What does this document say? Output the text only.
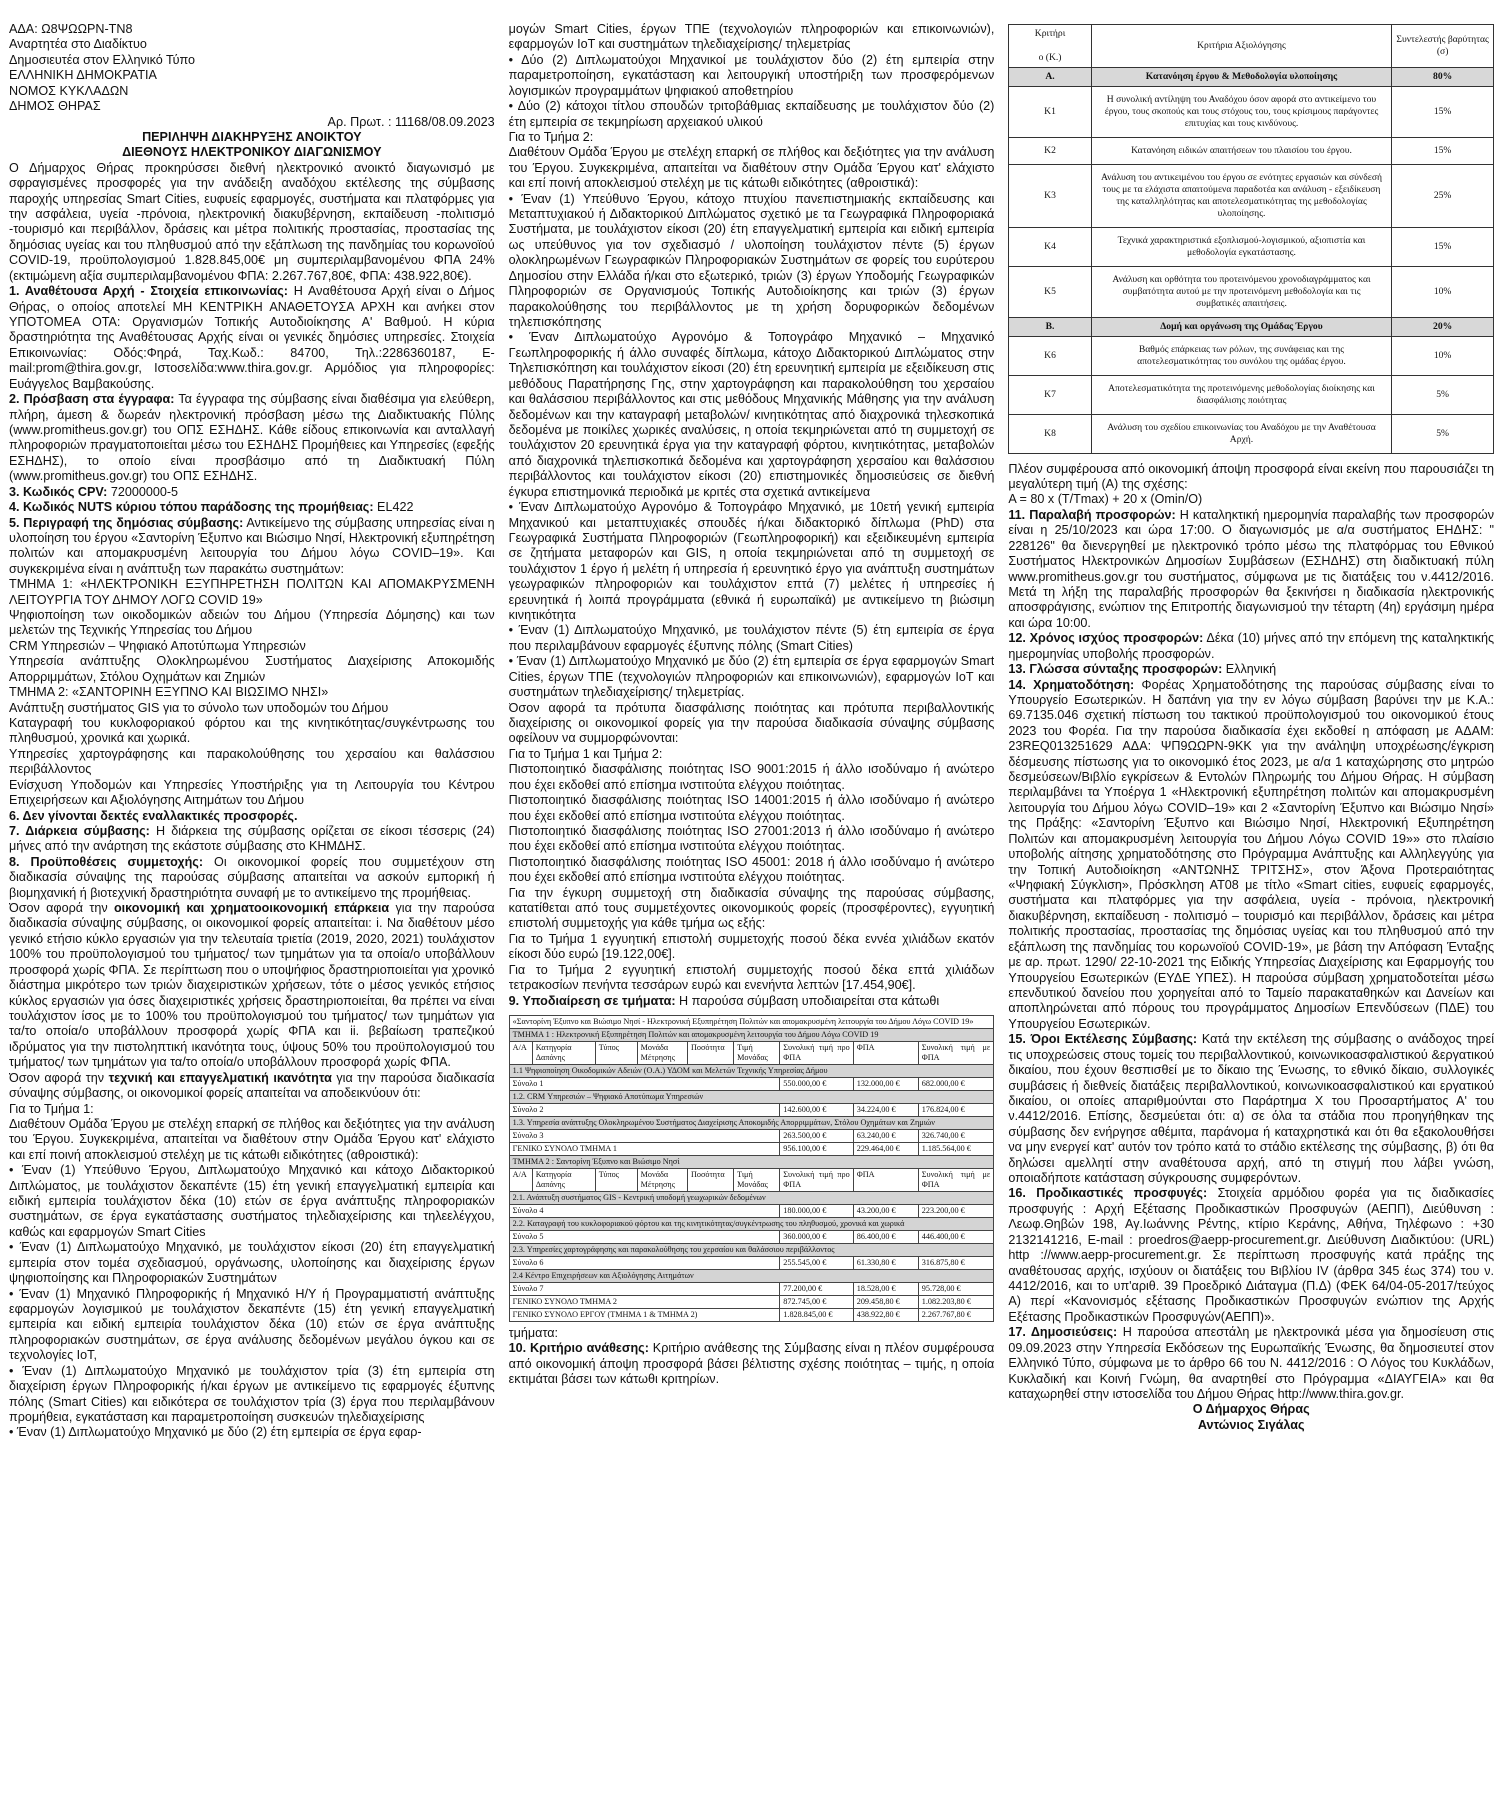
ΑΔΑ: Ω8ΨΩΩΡΝ-ΤΝ8

Αναρτητέα στο Διαδίκτυο

Δημοσιευτέα στον Ελληνικό Τύπο

ΕΛΛΗΝΙΚΗ ΔΗΜΟΚΡΑΤΙΑ

ΝΟΜΟΣ ΚΥΚΛΑΔΩΝ

ΔΗΜΟΣ ΘΗΡΑΣ

Αρ. Πρωτ. : 11168/08.09.2023

ΠΕΡΙΛΗΨΗ ΔΙΑΚΗΡΥΞΗΣ ΑΝΟΙΚΤΟΥ

ΔΙΕΘΝΟΥΣ ΗΛΕΚΤΡΟΝΙΚΟΥ ΔΙΑΓΩΝΙΣΜΟΥ

Ο Δήμαρχος Θήρας προκηρύσσει διεθνή ηλεκτρονικό ανοικτό διαγωνισμό με σφραγισμένες προσφορές για την ανάδειξη αναδόχου εκτέλεσης της σύμβασης παροχής υπηρεσίας Smart Cities, ευφυείς εφαρμογές, συστήματα και πλατφόρμες για την ασφάλεια, υγεία -πρόνοια, ηλεκτρονική διακυβέρνηση, εκπαίδευση -πολιτισμό -τουρισμό και περιβάλλον, δράσεις και μέτρα πολιτικής προστασίας, προστασίας της δημόσιας υγείας και του πληθυσμού από την εξάπλωση της πανδημίας του κορωνοϊού COVID-19, προϋπολογισμού 1.828.845,00€ μη συμπεριλαμβανομένου ΦΠΑ 24% (εκτιμώμενη αξία συμπεριλαμβανομένου ΦΠΑ: 2.267.767,80€, ΦΠΑ: 438.922,80€).

1. Αναθέτουσα Αρχή - Στοιχεία επικοινωνίας: Η Αναθέτουσα Αρχή είναι ο Δήμος Θήρας, ο οποίος αποτελεί ΜΗ ΚΕΝΤΡΙΚΗ ΑΝΑΘΕΤΟΥΣΑ ΑΡΧΗ και ανήκει στον ΥΠΟΤΟΜΕΑ ΟΤΑ: Οργανισμών Τοπικής Αυτοδιοίκησης Α' Βαθμού. Η κύρια δραστηριότητα της Αναθέτουσας Αρχής είναι οι γενικές δημόσιες υπηρεσίες. Στοιχεία Επικοινωνίας: Οδός:Φηρά, Ταχ.Κωδ.: 84700, Τηλ.:2286360187, E-mail:prom@thira.gov.gr, Ιστοσελίδα:www.thira.gov.gr. Αρμόδιος για πληροφορίες: Ευάγγελος Βαμβακούσης.

2. Πρόσβαση στα έγγραφα: Τα έγγραφα της σύμβασης είναι διαθέσιμα για ελεύθερη, πλήρη, άμεση & δωρεάν ηλεκτρονική πρόσβαση μέσω της Διαδικτυακής Πύλης (www.promitheus.gov.gr) του ΟΠΣ ΕΣΗΔΗΣ. Κάθε είδους επικοινωνία και ανταλλαγή πληροφοριών πραγματοποιείται μέσω του ΕΣΗΔΗΣ Προμήθειες και Υπηρεσίες (εφεξής ΕΣΗΔΗΣ), το οποίο είναι προσβάσιμο από τη Διαδικτυακή Πύλη (www.promitheus.gov.gr) του ΟΠΣ ΕΣΗΔΗΣ.

3. Κωδικός CPV: 72000000-5

4. Κωδικός NUTS κύριου τόπου παράδοσης της προμήθειας: EL422

5. Περιγραφή της δημόσιας σύμβασης: Αντικείμενο της σύμβασης υπηρεσίας είναι η υλοποίηση του έργου «Σαντορίνη Έξυπνο και Βιώσιμο Νησί, Ηλεκτρονική εξυπηρέτηση πολιτών και απομακρυσμένη λειτουργία του Δήμου λόγω COVID–19». Και συγκεκριμένα είναι η ανάπτυξη των παρακάτω συστημάτων:

ΤΜΗΜΑ 1: «ΗΛΕΚΤΡΟΝΙΚΗ ΕΞΥΠΗΡΕΤΗΣΗ ΠΟΛΙΤΩΝ ΚΑΙ ΑΠΟΜΑΚΡΥΣΜΕΝΗ ΛΕΙΤΟΥΡΓΙΑ ΤΟΥ ΔΗΜΟΥ ΛΟΓΩ COVID 19»

Ψηφιοποίηση των οικοδομικών αδειών του Δήμου (Υπηρεσία Δόμησης) και των μελετών της Τεχνικής Υπηρεσίας του Δήμου

CRM Υπηρεσιών – Ψηφιακό Αποτύπωμα Υπηρεσιών

Υπηρεσία ανάπτυξης Ολοκληρωμένου Συστήματος Διαχείρισης Αποκομιδής Απορριμμάτων, Στόλου Οχημάτων και Ζημιών

ΤΜΗΜΑ 2: «ΣΑΝΤΟΡΙΝΗ ΕΞΥΠΝΟ ΚΑΙ ΒΙΩΣΙΜΟ ΝΗΣΙ»

Ανάπτυξη συστήματος GIS για το σύνολο των υποδομών του Δήμου

Καταγραφή του κυκλοφοριακού φόρτου και της κινητικότητας/συγκέντρωσης του πληθυσμού, χρονικά και χωρικά.

Υπηρεσίες χαρτογράφησης και παρακολούθησης του χερσαίου και θαλάσσιου περιβάλλοντος

Ενίσχυση Υποδομών και Υπηρεσίες Υποστήριξης για τη Λειτουργία του Κέντρου Επιχειρήσεων και Αξιολόγησης Αιτημάτων του Δήμου

6. Δεν γίνονται δεκτές εναλλακτικές προσφορές.

7. Διάρκεια σύμβασης: Η διάρκεια της σύμβασης ορίζεται σε είκοσι τέσσερις (24) μήνες από την ανάρτηση της εκάστοτε σύμβασης στο ΚΗΜΔΗΣ.

8. Προϋποθέσεις συμμετοχής: Οι οικονομικοί φορείς που συμμετέχουν στη διαδικασία σύναψης της παρούσας σύμβασης απαιτείται να ασκούν εμπορική ή βιομηχανική ή βιοτεχνική δραστηριότητα συναφή με το αντικείμενο της προμήθειας.

Όσον αφορά την οικονομική και χρηματοοικονομική επάρκεια για την παρούσα διαδικασία σύναψης σύμβασης, οι οικονομικοί φορείς απαιτείται: i. Να διαθέτουν μέσο γενικό ετήσιο κύκλο εργασιών για την τελευταία τριετία (2019, 2020, 2021) τουλάχιστον 100% του προϋπολογισμού του τμήματος/ των τμημάτων για τα οποία/ο υποβάλλουν προσφορά χωρίς ΦΠΑ. Σε περίπτωση που ο υποψήφιος δραστηριοποιείται για χρονικό διάστημα μικρότερο των τριών διαχειριστικών χρήσεων, τότε ο μέσος γενικός ετήσιος κύκλος εργασιών για όσες διαχειριστικές χρήσεις δραστηριοποιείται, θα πρέπει να είναι τουλάχιστον ίσος με το 100% του προϋπολογισμού του τμήματος/ των τμημάτων για τα/το οποία/ο υποβάλλουν προσφορά χωρίς ΦΠΑ και ii. βεβαίωση τραπεζικού ιδρύματος για την πιστοληπτική ικανότητα τους, ύψους 50% του προϋπολογισμού του τμήματος/ των τμημάτων για τα/το οποία/ο υποβάλλουν προσφορά χωρίς ΦΠΑ.

Όσον αφορά την τεχνική και επαγγελματική ικανότητα για την παρούσα διαδικασία σύναψης σύμβασης, οι οικονομικοί φορείς απαιτείται να αποδεικνύουν ότι:

Για το Τμήμα 1:

Διαθέτουν Ομάδα Έργου με στελέχη επαρκή σε πλήθος και δεξιότητες για την ανάλυση του Έργου. Συγκεκριμένα, απαιτείται να διαθέτουν στην Ομάδα Έργου κατ' ελάχιστο και επί ποινή αποκλεισμού στελέχη με τις κάτωθι ειδικότητες (αθροιστικά):

• Έναν (1) Υπεύθυνο Έργου, Διπλωματούχο Μηχανικό και κάτοχο Διδακτορικού Διπλώματος, με τουλάχιστον δεκαπέντε (15) έτη γενική επαγγελματική εμπειρία και ειδική εμπειρία τουλάχιστον δέκα (10) ετών σε έργα ανάπτυξης πληροφοριακών συστημάτων, σε έργα εγκατάστασης συστήματος τηλεδιαχείρισης και τηλεελέγχου, καθώς και εφαρμογών Smart Cities

• Έναν (1) Διπλωματούχο Μηχανικό, με τουλάχιστον είκοσι (20) έτη επαγγελματική εμπειρία στον τομέα σχεδιασμού, οργάνωσης, υλοποίησης και διαχείρισης έργων ψηφιοποίησης και Πληροφοριακών Συστημάτων

• Έναν (1) Μηχανικό Πληροφορικής ή Μηχανικό Η/Υ ή Προγραμματιστή ανάπτυξης εφαρμογών λογισμικού με τουλάχιστον δεκαπέντε (15) έτη γενική επαγγελματική εμπειρία και ειδική εμπειρία τουλάχιστον δέκα (10) ετών σε έργα ανάπτυξης πληροφοριακών συστημάτων, σε έργα ανάλυσης δεδομένων μεγάλου όγκου και σε τεχνολογίες IoT,

• Έναν (1) Διπλωματούχο Μηχανικό με τουλάχιστον τρία (3) έτη εμπειρία στη διαχείριση έργων Πληροφορικής ή/και έργων με αντικείμενο τις εφαρμογές έξυπνης πόλης (Smart Cities) και ειδικότερα σε τουλάχιστον τρία (3) έργα που περιλαμβάνουν προμήθεια, εγκατάσταση και παραμετροποίηση συσκευών τηλεδιαχείρισης

• Έναν (1) Διπλωματούχο Μηχανικό με δύο (2) έτη εμπειρία σε έργα εφαρ-

μογών Smart Cities, έργων ΤΠΕ (τεχνολογιών πληροφοριών και επικοινωνιών), εφαρμογών IoT και συστημάτων τηλεδιαχείρισης/ τηλεμετρίας

• Δύο (2) Διπλωματούχοι Μηχανικοί με τουλάχιστον δύο (2) έτη εμπειρία στην παραμετροποίηση, εγκατάσταση και λειτουργική υποστήριξη των προσφερόμενων λογισμικών προγραμμάτων ψηφιακού αποθετηρίου

• Δύο (2) κάτοχοι τίτλου σπουδών τριτοβάθμιας εκπαίδευσης με τουλάχιστον δύο (2) έτη εμπειρία σε τεκμηρίωση αρχειακού υλικού

Για το Τμήμα 2:

Διαθέτουν Ομάδα Έργου με στελέχη επαρκή σε πλήθος και δεξιότητες για την ανάλυση του Έργου. Συγκεκριμένα, απαιτείται να διαθέτουν στην Ομάδα Έργου κατ' ελάχιστο και επί ποινή αποκλεισμού στελέχη με τις κάτωθι ειδικότητες (αθροιστικά):

• Έναν (1) Υπεύθυνο Έργου, κάτοχο πτυχίου πανεπιστημιακής εκπαίδευσης και Μεταπτυχιακού ή Διδακτορικού Διπλώματος σχετικό με τα Γεωγραφικά Πληροφοριακά Συστήματα, με τουλάχιστον είκοσι (20) έτη επαγγελματική εμπειρία και ειδική εμπειρία ως υπεύθυνος για τον σχεδιασμό / υλοποίηση τουλάχιστον πέντε (5) έργων ολοκληρωμένων Γεωγραφικών Πληροφοριακών Συστημάτων σε φορείς του ευρύτερου Δημοσίου στην Ελλάδα ή/και στο εξωτερικό, τριών (3) έργων Υποδομής Γεωγραφικών Πληροφοριών σε Οργανισμούς Τοπικής Αυτοδιοίκησης και τριών (3) έργων παρακολούθησης του περιβάλλοντος με τη χρήση δορυφορικών δεδομένων τηλεπισκόπησης

• Έναν Διπλωματούχο Αγρονόμο & Τοπογράφο Μηχανικό – Μηχανικό Γεωπληροφορικής ή άλλο συναφές δίπλωμα, κάτοχο Διδακτορικού Διπλώματος στην Τηλεπισκόπηση και τουλάχιστον είκοσι (20) έτη ερευνητική εμπειρία με εξειδίκευση στις μεθόδους Παρατήρησης Γης, στην χαρτογράφηση και παρακολούθηση του χερσαίου και θαλάσσιου περιβάλλοντος και στις μεθόδους Μηχανικής Μάθησης για την ανάλυση δεδομένων και την καταγραφή μεταβολών/ κινητικότητας από διαχρονικά τηλεσκοπικά δεδομένα με ποικίλες χωρικές αναλύσεις, η οποία τεκμηριώνεται από τη συμμετοχή σε τουλάχιστον 20 ερευνητικά έργα για την καταγραφή φόρτου, κινητικότητας, μεταβολών από διαχρονικά τηλεπισκοπικά δεδομένα και χαρτογράφηση χερσαίου και θαλάσσιου περιβάλλοντος και τουλάχιστον είκοσι (20) επιστημονικές δημοσιεύσεις σε διεθνή έγκυρα επιστημονικά περιοδικά με κριτές στα σχετικά αντικείμενα

• Έναν Διπλωματούχο Αγρονόμο & Τοπογράφο Μηχανικό, με 10ετή γενική εμπειρία Μηχανικού και μεταπτυχιακές σπουδές ή/και διδακτορικό δίπλωμα (PhD) στα Γεωγραφικά Συστήματα Πληροφοριών (Γεωπληροφορική) και εξειδικευμένη εμπειρία σε ζητήματα μεταφορών και GIS, η οποία τεκμηριώνεται από τη συμμετοχή σε τουλάχιστον 1 έργο ή μελέτη ή υπηρεσία ή ερευνητικό έργο για ανάπτυξη συστημάτων γεωγραφικών πληροφοριών και τουλάχιστον επτά (7) μελέτες ή υπηρεσίες ή ερευνητικά ή λοιπά προγράμματα (εθνικά ή ευρωπαϊκά) με αντικείμενο τη βιώσιμη κινητικότητα

• Έναν (1) Διπλωματούχο Μηχανικό, με τουλάχιστον πέντε (5) έτη εμπειρία σε έργα που περιλαμβάνουν εφαρμογές έξυπνης πόλης (Smart Cities)

• Έναν (1) Διπλωματούχο Μηχανικό με δύο (2) έτη εμπειρία σε έργα εφαρμογών Smart Cities, έργων ΤΠΕ (τεχνολογιών πληροφοριών και επικοινωνιών), εφαρμογών IoT και συστημάτων τηλεδιαχείρισης/ τηλεμετρίας.

Όσον αφορά τα πρότυπα διασφάλισης ποιότητας και πρότυπα περιβαλλοντικής διαχείρισης οι οικονομικοί φορείς για την παρούσα διαδικασία σύναψης σύμβασης οφείλουν να συμμορφώνονται:

Για το Τμήμα 1 και Τμήμα 2:

Πιστοποιητικό διασφάλισης ποιότητας ISO 9001:2015 ή άλλο ισοδύναμο ή ανώτερο που έχει εκδοθεί από επίσημα ινστιτούτα ελέγχου ποιότητας.

Πιστοποιητικό διασφάλισης ποιότητας ISO 14001:2015 ή άλλο ισοδύναμο ή ανώτερο που έχει εκδοθεί από επίσημα ινστιτούτα ελέγχου ποιότητας.

Πιστοποιητικό διασφάλισης ποιότητας ISO 27001:2013 ή άλλο ισοδύναμο ή ανώτερο που έχει εκδοθεί από επίσημα ινστιτούτα ελέγχου ποιότητας.

Πιστοποιητικό διασφάλισης ποιότητας ISO 45001: 2018 ή άλλο ισοδύναμο ή ανώτερο που έχει εκδοθεί από επίσημα ινστιτούτα ελέγχου ποιότητας.

Για την έγκυρη συμμετοχή στη διαδικασία σύναψης της παρούσας σύμβασης, κατατίθεται από τους συμμετέχοντες οικονομικούς φορείς (προσφέροντες), εγγυητική επιστολή συμμετοχής για κάθε τμήμα ως εξής:

Για το Τμήμα 1 εγγυητική επιστολή συμμετοχής ποσού δέκα εννέα χιλιάδων εκατόν είκοσι δύο ευρώ [19.122,00€].

Για το Τμήμα 2 εγγυητική επιστολή συμμετοχής ποσού δέκα επτά χιλιάδων τετρακοσίων πενήντα τεσσάρων ευρώ και ενενήντα λεπτών [17.454,90€].

9. Υποδιαίρεση σε τμήματα: Η παρούσα σύμβαση υποδιαιρείται στα κάτωθι

«Σαντορίνη Έξυπνο και Βιώσιμο Νησί - Ηλεκτρονική Εξυπηρέτηση Πολιτών και απομακρυσμένη λειτουργία του Δήμου Λόγω COVID 19»								
ΤΜΗΜΑ 1 : Ηλεκτρονική Εξυπηρέτηση Πολιτών και απομακρυσμένη λειτουργία του Δήμου Λόγω COVID 19								
Α/Α	Κατηγορία Δαπάνης	Τύπος	Μονάδα Μέτρησης	Ποσότητα	Τιμή Μονάδας	Συνολική τιμή προ ΦΠΑ	ΦΠΑ	Συνολική τιμή με ΦΠΑ
1.1 Ψηφιοποίηση Οικοδομικών Αδειών (Ο.Α.) ΥΔΟΜ και Μελετών Τεχνικής Υπηρεσίας Δήμου								
Σύνολο 1						550.000,00 €	132.000,00 €	682.000,00 €
1.2. CRM Υπηρεσιών – Ψηφιακό Αποτύπωμα Υπηρεσιών								
Σύνολο 2						142.600,00 €	34.224,00 €	176.824,00 €
1.3. Υπηρεσία ανάπτυξης Ολοκληρωμένου Συστήματος Διαχείρισης Αποκομιδής Απορριμμάτων, Στόλου Οχημάτων και Ζημιών								
Σύνολο 3						263.500,00 €	63.240,00 €	326.740,00 €
ΓΕΝΙΚΟ ΣΥΝΟΛΟ ΤΜΗΜΑ 1						956.100,00 €	229.464,00 €	1.185.564,00 €
ΤΜΗΜΑ 2 : Σαντορίνη Έξυπνο και Βιώσιμο Νησί								
Α/Α	Κατηγορία Δαπάνης	Τύπος	Μονάδα Μέτρησης	Ποσότητα	Τιμή Μονάδας	Συνολική τιμή προ ΦΠΑ	ΦΠΑ	Συνολική τιμή με ΦΠΑ
2.1. Ανάπτυξη συστήματος GIS - Κεντρική υποδομή γεωχωρικών δεδομένων								
Σύνολο 4						180.000,00 €	43.200,00 €	223.200,00 €
2.2. Καταγραφή του κυκλοφοριακού φόρτου και της κινητικότητας/συγκέντρωσης του πληθυσμού, χρονικά και χωρικά								
Σύνολο 5						360.000,00 €	86.400,00 €	446.400,00 €
2.3. Υπηρεσίες χαρτογράφησης και παρακολούθησης του χερσαίου και θαλάσσιου περιβάλλοντος								
Σύνολο 6						255.545,00 €	61.330,80 €	316.875,80 €
2.4 Κέντρο Επιχειρήσεων και Αξιολόγησης Αιτημάτων								
Σύνολο 7						77.200,00 €	18.528,00 €	95.728,00 €
ΓΕΝΙΚΟ ΣΥΝΟΛΟ ΤΜΗΜΑ 2						872.745,00 €	209.458,80 €	1.082.203,80 €
ΓΕΝΙΚΟ ΣΥΝΟΛΟ ΕΡΓΟΥ (ΤΜΗΜΑ 1 & ΤΜΗΜΑ 2)						1.828.845,00 €	438.922,80 €	2.267.767,80 €

τμήματα:

10. Κριτήριο ανάθεσης: Κριτήριο ανάθεσης της Σύμβασης είναι η πλέον συμφέρουσα από οικονομική άποψη προσφορά βάσει βέλτιστης σχέσης ποιότητας – τιμής, η οποία εκτιμάται βάσει των κάτωθι κριτηρίων.

Κριτήρι

ο (Κ.)	Κριτήρια Αξιολόγησης	Συντελεστής βαρύτητας (σ)
Α.	Κατανόηση έργου & Μεθοδολογία υλοποίησης	80%
Κ1	Η συνολική αντίληψη του Αναδόχου όσον αφορά στο αντικείμενο του έργου, τους σκοπούς και τους στόχους του, τους κρίσιμους παράγοντες επιτυχίας και τους κινδύνους.	15%
Κ2	Κατανόηση ειδικών απαιτήσεων του πλαισίου του έργου.	15%
Κ3	Ανάλυση του αντικειμένου του έργου σε ενότητες εργασιών και σύνδεσή τους με τα ελάχιστα απαιτούμενα παραδοτέα και ανάλυση - εξειδίκευση της καταλληλότητας και αποτελεσματικότητας της μεθοδολογίας υλοποίησης.	25%
Κ4	Τεχνικά χαρακτηριστικά εξοπλισμού-λογισμικού, αξιοπιστία και μεθοδολογία εγκατάστασης.	15%
Κ5	Ανάλυση και ορθότητα του προτεινόμενου χρονοδιαγράμματος και συμβατότητα αυτού με την προτεινόμενη μεθοδολογία και τις συμβατικές απαιτήσεις.	10%
Β.	Δομή και οργάνωση της Ομάδας Έργου	20%
Κ6	Βαθμός επάρκειας των ρόλων, της συνάφειας και της αποτελεσματικότητας του συνόλου της ομάδας έργου.	10%
Κ7	Αποτελεσματικότητα της προτεινόμενης μεθοδολογίας διοίκησης και διασφάλισης ποιότητας	5%
Κ8	Ανάλυση του σχεδίου επικοινωνίας του Αναδόχου με την Αναθέτουσα Αρχή.	5%

Πλέον συμφέρουσα από οικονομική άποψη προσφορά είναι εκείνη που παρουσιάζει τη μεγαλύτερη τιμή (Α) της σχέσης:

A = 80 x (T/Tmax) + 20 x (Omin/O)

11. Παραλαβή προσφορών: Η καταληκτική ημερομηνία παραλαβής των προσφορών είναι η 25/10/2023 και ώρα 17:00. Ο διαγωνισμός με α/α συστήματος ΕΗΔΗΣ: " 228126" θα διενεργηθεί με ηλεκτρονικό τρόπο μέσω της πλατφόρμας του Εθνικού Συστήματος Ηλεκτρονικών Δημοσίων Συμβάσεων (ΕΣΗΔΗΣ) στη διαδικτυακή πύλη www.promitheus.gov.gr του συστήματος, σύμφωνα με τις διατάξεις του ν.4412/2016. Μετά τη λήξη της παραλαβής προσφορών θα ξεκινήσει η διαδικασία ηλεκτρονικής αποσφράγισης, ενώπιον της Επιτροπής διαγωνισμού την τέταρτη (4η) εργάσιμη ημέρα και ώρα 10:00.

12. Χρόνος ισχύος προσφορών: Δέκα (10) μήνες από την επόμενη της καταληκτικής ημερομηνίας υποβολής προσφορών.

13. Γλώσσα σύνταξης προσφορών: Ελληνική

14. Χρηματοδότηση: Φορέας Χρηματοδότησης της παρούσας σύμβασης είναι το Υπουργείο Εσωτερικών. Η δαπάνη για την εν λόγω σύμβαση βαρύνει την με Κ.Α.: 69.7135.046 σχετική πίστωση του τακτικού προϋπολογισμού του οικονομικού έτους 2023 του Φορέα. Για την παρούσα διαδικασία έχει εκδοθεί η απόφαση με ΑΔΑΜ: 23REQ013251629 ΑΔΑ: ΨΠ9ΩΩΡΝ-9ΚΚ για την ανάληψη υποχρέωσης/έγκριση δέσμευσης πίστωσης για το οικονομικό έτος 2023, με α/α 1 καταχώρησης στο μητρώο δεσμεύσεων/Βιβλίο εγκρίσεων & Εντολών Πληρωμής του Δήμου Θήρας. Η σύμβαση περιλαμβάνει τα Υποέργα 1 «Ηλεκτρονική εξυπηρέτηση πολιτών και απομακρυσμένη λειτουργία του Δήμου λόγω COVID–19» και 2 «Σαντορίνη Έξυπνο και Βιώσιμο Νησί» της Πράξης: «Σαντορίνη Έξυπνο και Βιώσιμο Νησί, Ηλεκτρονική Εξυπηρέτηση Πολιτών και απομακρυσμένη λειτουργία του Δήμου Λόγω COVID 19»» στο πλαίσιο υποβολής αίτησης χρηματοδότησης στο Πρόγραμμα Ανάπτυξης και Αλληλεγγύης για την Τοπική Αυτοδιοίκηση «ΑΝΤΩΝΗΣ ΤΡΙΤΣΗΣ», στον Άξονα Προτεραιότητας «Ψηφιακή Σύγκλιση», Πρόσκληση ΑΤ08 με τίτλο «Smart cities, ευφυείς εφαρμογές, συστήματα και πλατφόρμες για την ασφάλεια, υγεία - πρόνοια, ηλεκτρονική διακυβέρνηση, εκπαίδευση - πολιτισμό – τουρισμό και περιβάλλον, δράσεις και μέτρα πολιτικής προστασίας, προστασίας της δημόσιας υγείας και του πληθυσμού από την εξάπλωση της πανδημίας του κορωνοϊού COVID-19», με βάση την Απόφαση Ένταξης με αρ. πρωτ. 1290/ 22-10-2021 της Ειδικής Υπηρεσίας Διαχείρισης και Εφαρμογής του Υπουργείου Εσωτερικών (ΕΥΔΕ ΥΠΕΣ). Η παρούσα σύμβαση χρηματοδοτείται μέσω επενδυτικού δανείου που χορηγείται από το Ταμείο παρακαταθηκών και Δανείων και αποπληρώνεται από πόρους του προγράμματος Δημοσίων Επενδύσεων (ΠΔΕ) του Υπουργείου Εσωτερικών.

15. Όροι Εκτέλεσης Σύμβασης: Κατά την εκτέλεση της σύμβασης ο ανάδοχος τηρεί τις υποχρεώσεις στους τομείς του περιβαλλοντικού, κοινωνικοασφαλιστικού &εργατικού δικαίου, που έχουν θεσπισθεί με το δίκαιο της Ένωσης, το εθνικό δίκαιο, συλλογικές συμβάσεις ή διεθνείς διατάξεις περιβαλλοντικού, κοινωνικοασφαλιστικού και εργατικού δικαίου, οι οποίες απαριθμούνται στο Παράρτημα Χ του Προσαρτήματος Α' του ν.4412/2016. Επίσης, δεσμεύεται ότι: α) σε όλα τα στάδια που προηγήθηκαν της σύμβασης δεν ενήργησε αθέμιτα, παράνομα ή καταχρηστικά και ότι θα εξακολουθήσει να μην ενεργεί κατ' αυτόν τον τρόπο κατά το στάδιο εκτέλεσης της σύμβασης, β) ότι θα δηλώσει αμελλητί στην αναθέτουσα αρχή, από τη στιγμή που λάβει γνώση, οποιαδήποτε κατάσταση σύγκρουσης συμφερόντων.

16. Προδικαστικές προσφυγές: Στοιχεία αρμόδιου φορέα για τις διαδικασίες προσφυγής : Αρχή Εξέτασης Προδικαστικών Προσφυγών (ΑΕΠΠ), Διεύθυνση : Λεωφ.Θηβών 198, Αγ.Ιωάννης Ρέντης, κτίριο Κεράνης, Αθήνα, Τηλέφωνο : +30 2132141216, E-mail : proedros@aepp-procurement.gr. Διεύθυνση Διαδικτύου: (URL) http ://www.aepp-procurement.gr. Σε περίπτωση προσφυγής κατά πράξης της αναθέτουσας αρχής, ισχύουν οι διατάξεις του Βιβλίου IV (άρθρα 345 έως 374) του ν. 4412/2016, και το υπ'αριθ. 39 Προεδρικό Διάταγμα (Π.Δ) (ΦΕΚ 64/04-05-2017/τεύχος Α) περί «Κανονισμός εξέτασης Προδικαστικών Προσφυγών ενώπιον της Αρχής Εξέτασης Προδικαστικών Προσφυγών(ΑΕΠΠ)».

17. Δημοσιεύσεις: Η παρούσα απεστάλη με ηλεκτρονικά μέσα για δημοσίευση στις 09.09.2023 στην Υπηρεσία Εκδόσεων της Ευρωπαϊκής Ένωσης, θα δημοσιευτεί στον Ελληνικό Τύπο, σύμφωνα με το άρθρο 66 του Ν. 4412/2016 : Ο Λόγος του Κυκλάδων, Κυκλαδική και Κοινή Γνώμη, θα αναρτηθεί στο Πρόγραμμα «ΔΙΑΥΓΕΙΑ» και θα καταχωρηθεί στην ιστοσελίδα του Δήμου Θήρας http://www.thira.gov.gr.

Ο Δήμαρχος Θήρας

Αντώνιος Σιγάλας
